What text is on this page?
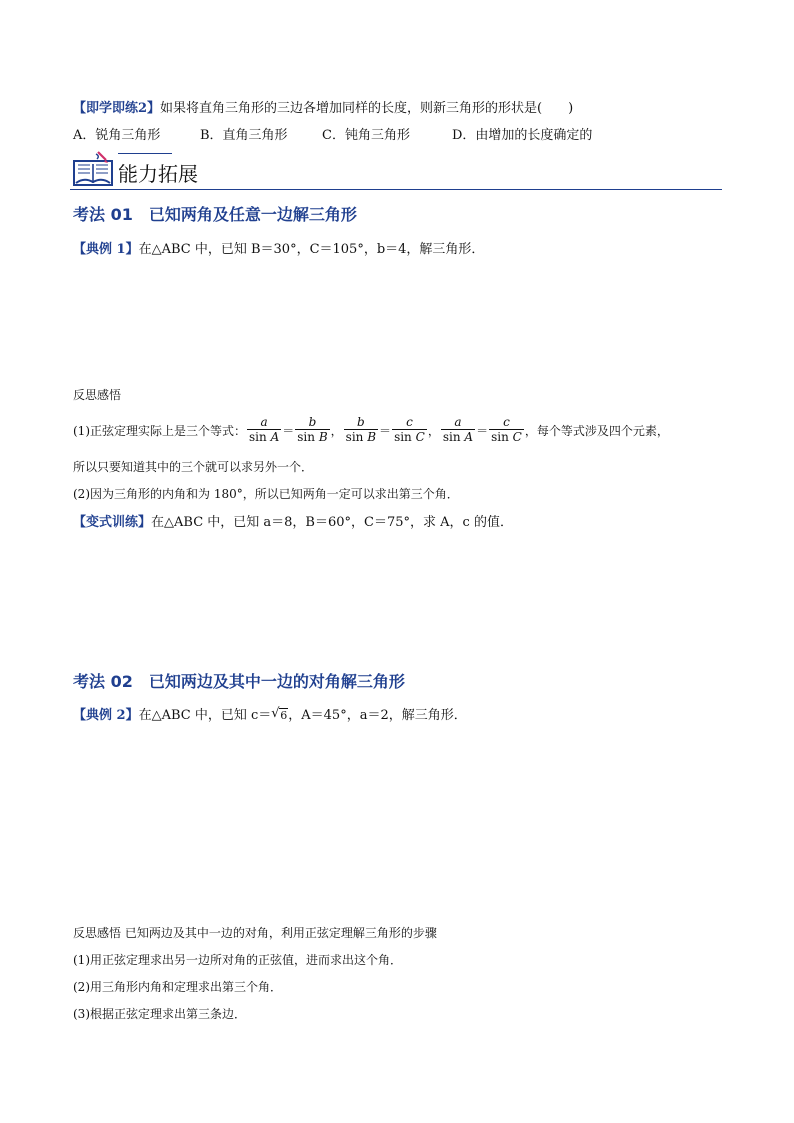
【即学即练2】如果将直角三角形的三边各增加同样的长度，则新三角形的形状是(　　)
A．锐角三角形	B．直角三角形	C．钝角三角形	D．由增加的长度确定的
能力拓展
考法 01　已知两角及任意一边解三角形
【典例 1】在△ABC 中，已知 B＝30°，C＝105°，b＝4，解三角形．
反思感悟
(1)正弦定理实际上是三个等式： $\frac{a}{\text{sin A}} = \frac{b}{\text{sin B}}$ ， $\frac{b}{\text{sin B}} = \frac{c}{\text{sin C}}$ ， $\frac{a}{\text{sin A}} = \frac{c}{\text{sin C}}$ ，每个等式涉及四个元素，
所以只要知道其中的三个就可以求另外一个．
(2)因为三角形的内角和为 180°，所以已知两角一定可以求出第三个角．
【变式训练】在△ABC 中，已知 a＝8，B＝60°，C＝75°，求 A，c 的值．
考法 02　已知两边及其中一边的对角解三角形
【典例 2】在△ABC 中，已知 c＝ √ 6，A＝45°，a＝2，解三角形．
反思感悟 已知两边及其中一边的对角，利用正弦定理解三角形的步骤
(1)用正弦定理求出另一边所对角的正弦值，进而求出这个角．
(2)用三角形内角和定理求出第三个角．
(3)根据正弦定理求出第三条边．
